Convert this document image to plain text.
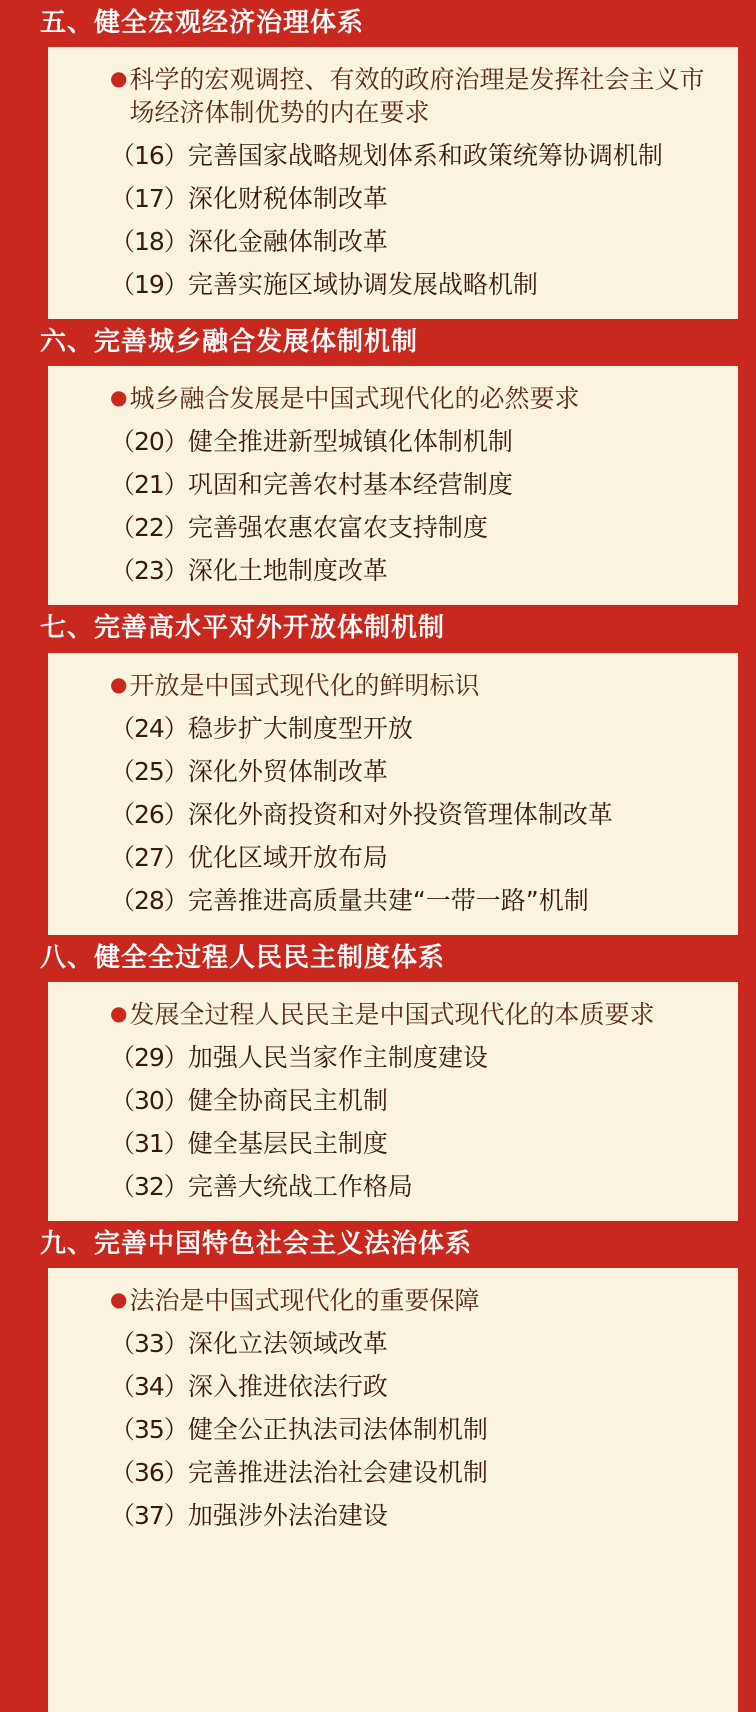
五、健全宏观经济治理体系
● 科学的宏观调控、有效的政府治理是发挥社会主义市场经济体制优势的内在要求
（16） 完善国家战略规划体系和政策统筹协调机制
（17） 深化财税体制改革
（18） 深化金融体制改革
（19） 完善实施区域协调发展战略机制
六、完善城乡融合发展体制机制
● 城乡融合发展是中国式现代化的必然要求
（20） 健全推进新型城镇化体制机制
（21） 巩固和完善农村基本经营制度
（22） 完善强农惠农富农支持制度
（23） 深化土地制度改革
七、完善高水平对外开放体制机制
● 开放是中国式现代化的鲜明标识
（24） 稳步扩大制度型开放
（25） 深化外贸体制改革
（26） 深化外商投资和对外投资管理体制改革
（27） 优化区域开放布局
（28） 完善推进高质量共建“一带一路”机制
八、健全全过程人民民主制度体系
● 发展全过程人民民主是中国式现代化的本质要求
（29） 加强人民当家作主制度建设
（30） 健全协商民主机制
（31） 健全基层民主制度
（32） 完善大统战工作格局
九、完善中国特色社会主义法治体系
● 法治是中国式现代化的重要保障
（33） 深化立法领域改革
（34） 深入推进依法行政
（35） 健全公正执法司法体制机制
（36） 完善推进法治社会建设机制
（37） 加强涉外法治建设
